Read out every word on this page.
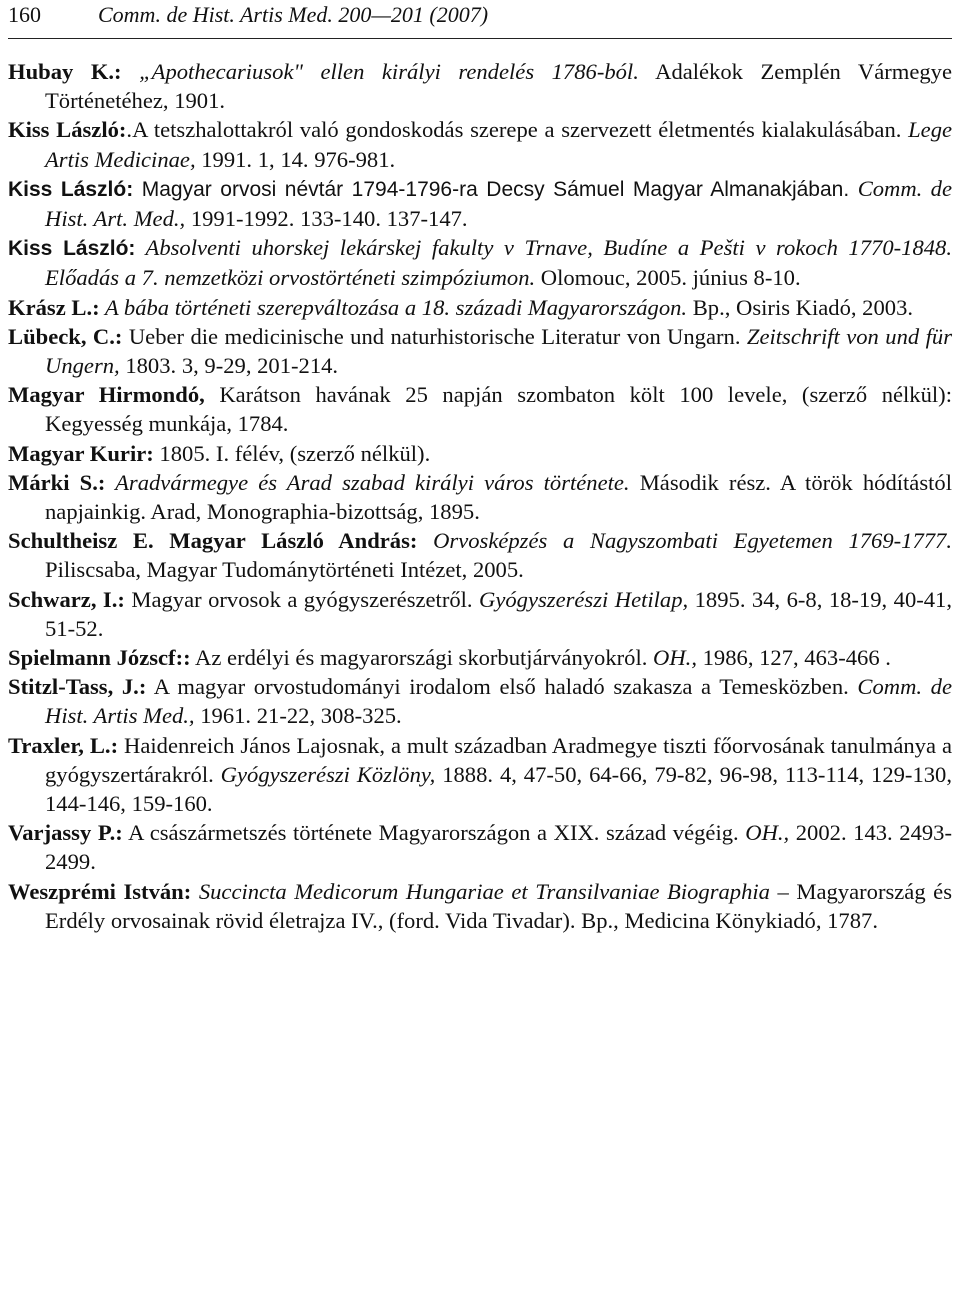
160	Comm. de Hist. Artis Med. 200—201 (2007)

Hubay K.: „Apothecariusok" ellen királyi rendelés 1786-ból. Adalékok Zemplén Vármegye Történetéhez, 1901.

Kiss László:.A tetszhalottakról való gondoskodás szerepe a szervezett életmentés kialakulásában. Lege Artis Medicinae, 1991. 1, 14. 976-981.

Kiss László: Magyar orvosi névtár 1794-1796-ra Decsy Sámuel Magyar Almanakjában. Comm. de Hist. Art. Med., 1991-1992. 133-140. 137-147.

Kiss László: Absolventi uhorskej lekárskej fakulty v Trnave, Budíne a Pešti v rokoch 1770-1848. Előadás a 7. nemzetközi orvostörténeti szimpóziumon. Olomouc, 2005. június 8-10.

Krász L.: A bába történeti szerepváltozása a 18. századi Magyarországon. Bp., Osiris Kiadó, 2003.

Lübeck, C.: Ueber die medicinische und naturhistorische Literatur von Ungarn. Zeitschrift von und für Ungern, 1803. 3, 9-29, 201-214.

Magyar Hirmondó, Karátson havának 25 napján szombaton költ 100 levele, (szerző nélkül): Kegyesség munkája, 1784.

Magyar Kurir: 1805. I. félév, (szerző nélkül).

Márki S.: Aradvármegye és Arad szabad királyi város története. Második rész. A török hódítástól napjainkig. Arad, Monographia-bizottság, 1895.

Schultheisz E. Magyar László András: Orvosképzés a Nagyszombati Egyetemen 1769-1777. Piliscsaba, Magyar Tudománytörténeti Intézet, 2005.

Schwarz, I.: Magyar orvosok a gyógyszerészetről. Gyógyszerészi Hetilap, 1895. 34, 6-8, 18-19, 40-41, 51-52.

Spielmann Józscf:: Az erdélyi és magyarországi skorbutjárványokról. OH., 1986, 127, 463-466 .

Stitzl-Tass, J.: A magyar orvostudományi irodalom első haladó szakasza a Temesközben. Comm. de Hist. Artis Med., 1961. 21-22, 308-325.

Traxler, L.: Haidenreich János Lajosnak, a mult században Aradmegye tiszti főorvosának tanulmánya a gyógyszertárakról. Gyógyszerészi Közlöny, 1888. 4, 47-50, 64-66, 79-82, 96-98, 113-114, 129-130, 144-146, 159-160.

Varjassy P.: A császármetszés története Magyarországon a XIX. század végéig. OH., 2002. 143. 2493-2499.

Weszprémi István: Succincta Medicorum Hungariae et Transilvaniae Biographia – Magyarország és Erdély orvosainak rövid életrajza IV., (ford. Vida Tivadar). Bp., Medicina Könykiadó, 1787.
